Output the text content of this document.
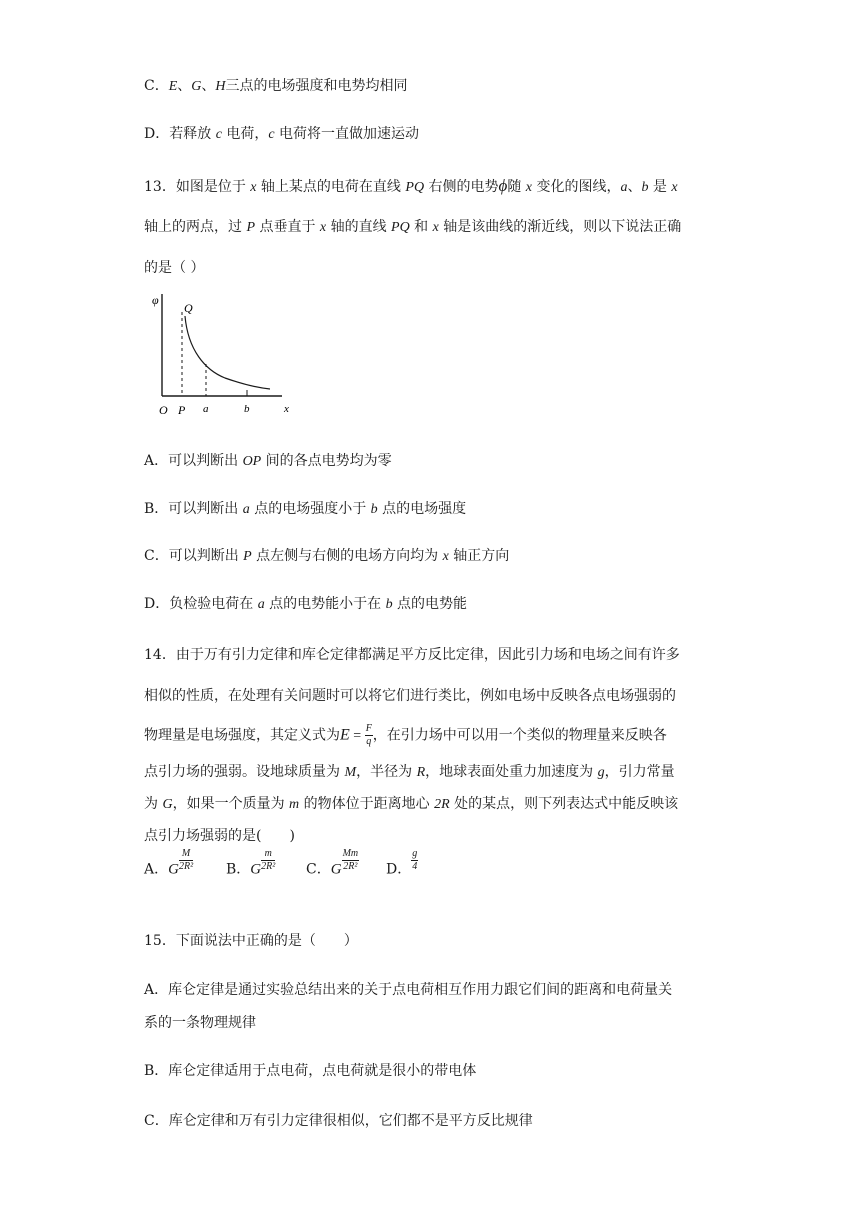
C．E、G、H三点的电场强度和电势均相同
D．若释放 c 电荷，c 电荷将一直做加速运动
13．如图是位于 x 轴上某点的电荷在直线 PQ 右侧的电势ϕ随 x 变化的图线，a、b 是 x
轴上的两点，过 P 点垂直于 x 轴的直线 PQ 和 x 轴是该曲线的渐近线，则以下说法正确
的是（ ）
φ
Q
O P a	b	x
A．可以判断出 OP 间的各点电势均为零
B．可以判断出 a 点的电场强度小于 b 点的电场强度
C．可以判断出 P 点左侧与右侧的电场方向均为 x 轴正方向
D．负检验电荷在 a 点的电势能小于在 b 点的电势能
14．由于万有引力定律和库仑定律都满足平方反比定律，因此引力场和电场之间有许多
相似的性质，在处理有关问题时可以将它们进行类比，例如电场中反映各点电场强弱的
物理量是电场强度，其定义式为$E = \frac{F}{q}$ ，在引力场中可以用一个类似的物理量来反映各
点引力场的强弱。设地球质量为 M，半径为 R，地球表面处重力加速度为 g，引力常量
为 G，如果一个质量为 m 的物体位于距离地心 2R 处的某点，则下列表达式中能反映该
点引力场强弱的是(　　)
A．G $\frac{M}{\text{2R²}}$ B．G $\frac{m}{\text{2R²}}$ C．G $\frac{Mm}{\text{2R²}}$ D． $\frac{g}{4}$
15．下面说法中正确的是（　　）
A．库仑定律是通过实验总结出来的关于点电荷相互作用力跟它们间的距离和电荷量关
系的一条物理规律
B．库仑定律适用于点电荷，点电荷就是很小的带电体
C．库仑定律和万有引力定律很相似，它们都不是平方反比规律
